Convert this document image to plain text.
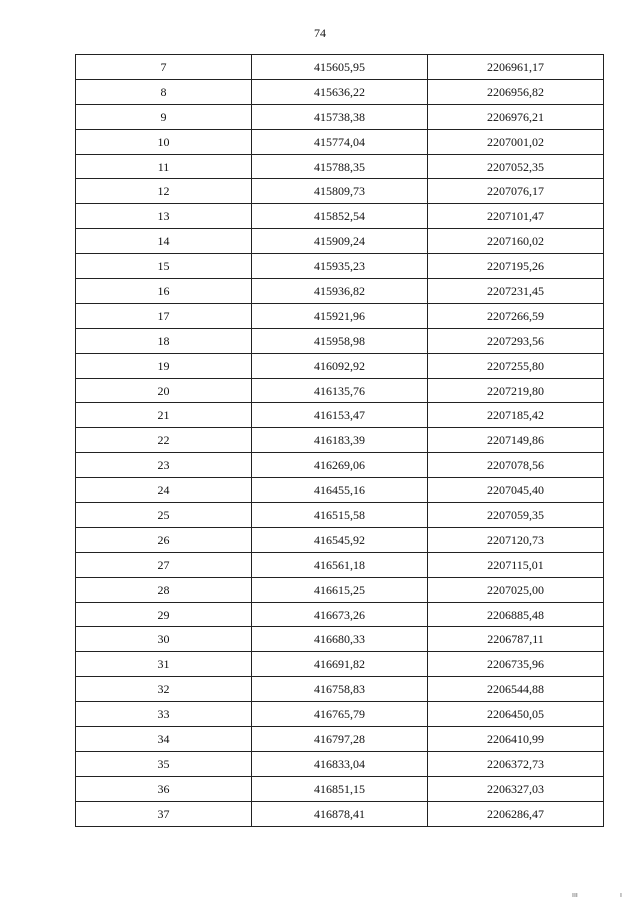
74
7	415605,95	2206961,17
8	415636,22	2206956,82
9	415738,38	2206976,21
10	415774,04	2207001,02
11	415788,35	2207052,35
12	415809,73	2207076,17
13	415852,54	2207101,47
14	415909,24	2207160,02
15	415935,23	2207195,26
16	415936,82	2207231,45
17	415921,96	2207266,59
18	415958,98	2207293,56
19	416092,92	2207255,80
20	416135,76	2207219,80
21	416153,47	2207185,42
22	416183,39	2207149,86
23	416269,06	2207078,56
24	416455,16	2207045,40
25	416515,58	2207059,35
26	416545,92	2207120,73
27	416561,18	2207115,01
28	416615,25	2207025,00
29	416673,26	2206885,48
30	416680,33	2206787,11
31	416691,82	2206735,96
32	416758,83	2206544,88
33	416765,79	2206450,05
34	416797,28	2206410,99
35	416833,04	2206372,73
36	416851,15	2206327,03
37	416878,41	2206286,47
ııı	ı
